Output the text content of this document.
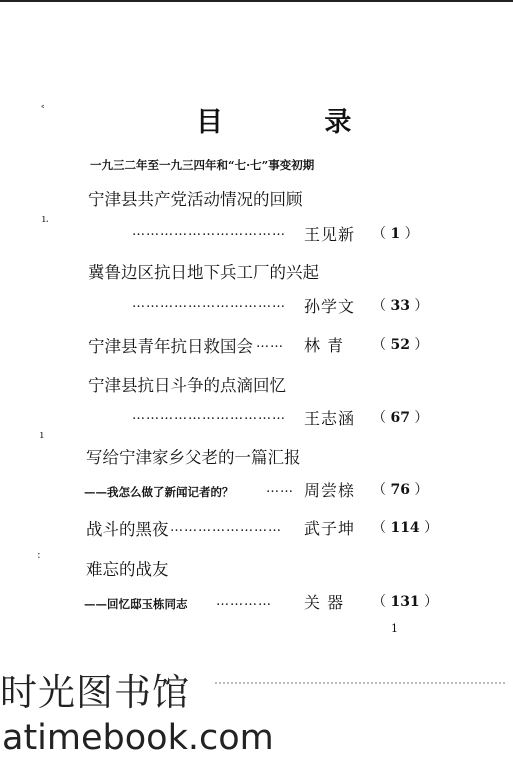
˂
ı.
ı
:
目 录
一九三二年至一九三四年和“七·七”事变初期
宁津县共产党活动情况的回顾
……………………………	王见新 （ 1 ）
冀鲁边区抗日地下兵工厂的兴起
……………………………	孙学文 （ 33 ）
宁津县青年抗日救国会 ……	林 青 （ 52 ）
宁津县抗日斗争的点滴回忆
……………………………	王志涵 （ 67 ）
写给宁津家乡父老的一篇汇报
——我怎么做了新闻记者的？	…… 周尝榇 （ 76 ）
战斗的黑夜 ……………………	武子坤 （ 114 ）
难忘的战友
——回忆邸玉栋同志 …………	关 器 （ 131 ）
1
时光图书馆
atimebook.com
